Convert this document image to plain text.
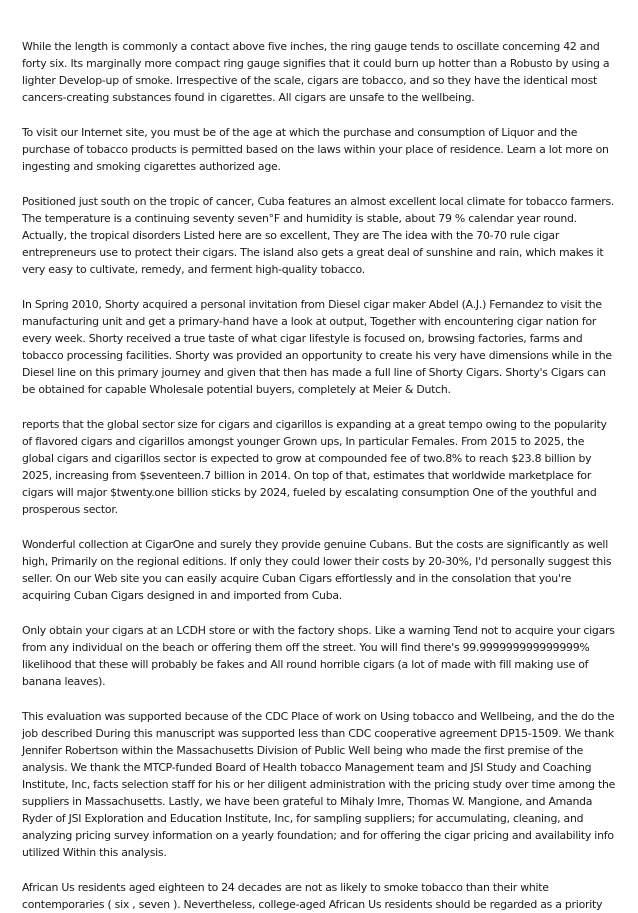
While the length is commonly a contact above five inches, the ring gauge tends to oscillate concerning 42 and forty six. Its marginally more compact ring gauge signifies that it could burn up hotter than a Robusto by using a lighter Develop-up of smoke. Irrespective of the scale, cigars are tobacco, and so they have the identical most cancers-creating substances found in cigarettes. All cigars are unsafe to the wellbeing.

To visit our Internet site, you must be of the age at which the purchase and consumption of Liquor and the purchase of tobacco products is permitted based on the laws within your place of residence. Learn a lot more on ingesting and smoking cigarettes authorized age.

Positioned just south on the tropic of cancer, Cuba features an almost excellent local climate for tobacco farmers. The temperature is a continuing seventy seven°F and humidity is stable, about 79 % calendar year round. Actually, the tropical disorders Listed here are so excellent, They are The idea with the 70-70 rule cigar entrepreneurs use to protect their cigars. The island also gets a great deal of sunshine and rain, which makes it very easy to cultivate, remedy, and ferment high-quality tobacco.

In Spring 2010, Shorty acquired a personal invitation from Diesel cigar maker Abdel (A.J.) Fernandez to visit the manufacturing unit and get a primary-hand have a look at output, Together with encountering cigar nation for every week. Shorty received a true taste of what cigar lifestyle is focused on, browsing factories, farms and tobacco processing facilities. Shorty was provided an opportunity to create his very have dimensions while in the Diesel line on this primary journey and given that then has made a full line of Shorty Cigars. Shorty's Cigars can be obtained for capable Wholesale potential buyers, completely at Meier & Dutch.

reports that the global sector size for cigars and cigarillos is expanding at a great tempo owing to the popularity of flavored cigars and cigarillos amongst younger Grown ups, In particular Females. From 2015 to 2025, the global cigars and cigarillos sector is expected to grow at compounded fee of two.8% to reach $23.8 billion by 2025, increasing from $seventeen.7 billion in 2014. On top of that, estimates that worldwide marketplace for cigars will major $twenty.one billion sticks by 2024, fueled by escalating consumption One of the youthful and prosperous sector.

Wonderful collection at CigarOne and surely they provide genuine Cubans. But the costs are significantly as well high, Primarily on the regional editions. If only they could lower their costs by 20-30%, I'd personally suggest this seller. On our Web site you can easily acquire Cuban Cigars effortlessly and in the consolation that you're acquiring Cuban Cigars designed in and imported from Cuba.

Only obtain your cigars at an LCDH store or with the factory shops. Like a warning Tend not to acquire your cigars from any individual on the beach or offering them off the street. You will find there's 99.999999999999999% likelihood that these will probably be fakes and All round horrible cigars (a lot of made with fill making use of banana leaves).

This evaluation was supported because of the CDC Place of work on Using tobacco and Wellbeing, and the do the job described During this manuscript was supported less than CDC cooperative agreement DP15-1509. We thank Jennifer Robertson within the Massachusetts Division of Public Well being who made the first premise of the analysis. We thank the MTCP-funded Board of Health tobacco Management team and JSI Study and Coaching Institute, Inc, facts selection staff for his or her diligent administration with the pricing study over time among the suppliers in Massachusetts. Lastly, we have been grateful to Mihaly Imre, Thomas W. Mangione, and Amanda Ryder of JSI Exploration and Education Institute, Inc, for sampling suppliers; for accumulating, cleaning, and analyzing pricing survey information on a yearly foundation; and for offering the cigar pricing and availability info utilized Within this analysis.

African Us residents aged eighteen to 24 decades are not as likely to smoke tobacco than their white contemporaries ( six , seven ). Nevertheless, college-aged African Us residents should be regarded as a priority
